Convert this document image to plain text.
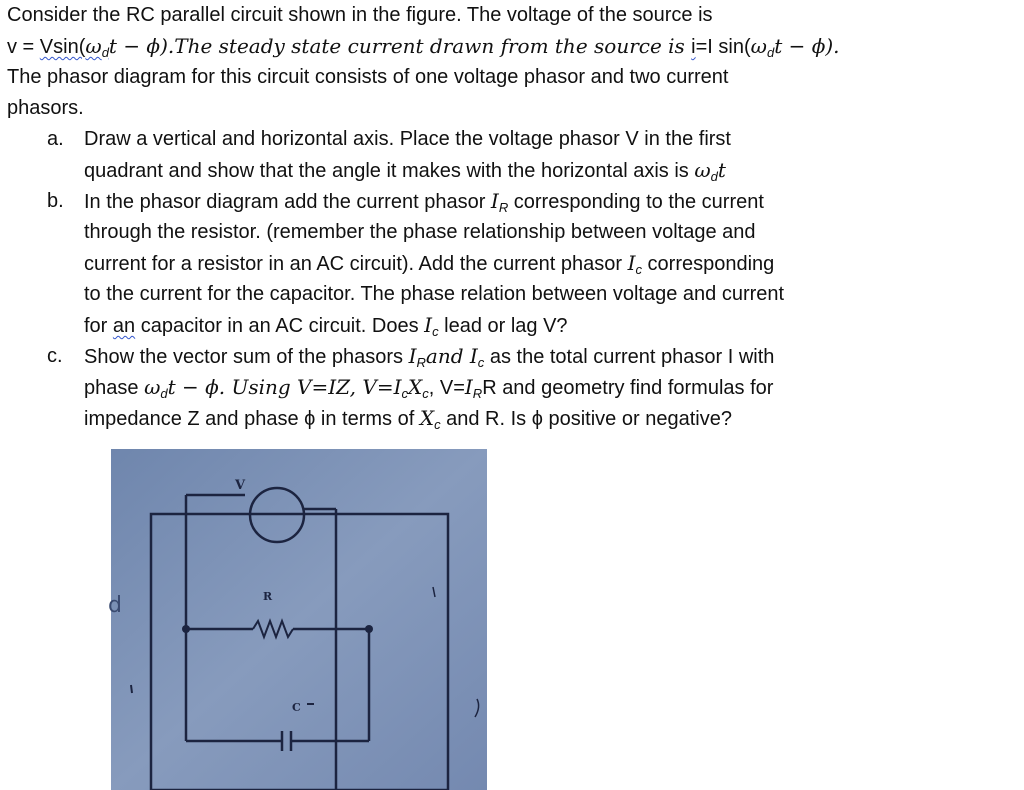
Consider the RC parallel circuit shown in the figure. The voltage of the source is
$v = Vsin(\omega_dt - \phi).The$ steady state current drawn from the source is i=I $\sin(\omega_dt - \phi)$.
The phasor diagram for this circuit consists of one voltage phasor and two current
phasors.
a. Draw a vertical and horizontal axis. Place the voltage phasor V in the first
quadrant and show that the angle it makes with the horizontal axis is $\omega_dt$
b. In the phasor diagram add the current phasor $I_R$ corresponding to the current
through the resistor. (remember the phase relationship between voltage and
current for a resistor in an AC circuit). Add the current phasor $I_c$ corresponding
to the current for the capacitor. The phase relation between voltage and current
for an capacitor in an AC circuit. Does $I_c$ lead or lag V?
c. Show the vector sum of the phasors $I_Rand$ $I_c$ as the total current phasor I with
phase $\omega_dt - \phi$. Using V=IZ, $V=I_cX_c$, $V=I_RR$ and geometry find formulas for
impedance Z and phase ϕ in terms of $X_c$ and R. Is ϕ positive or negative?
V
R
C
d
